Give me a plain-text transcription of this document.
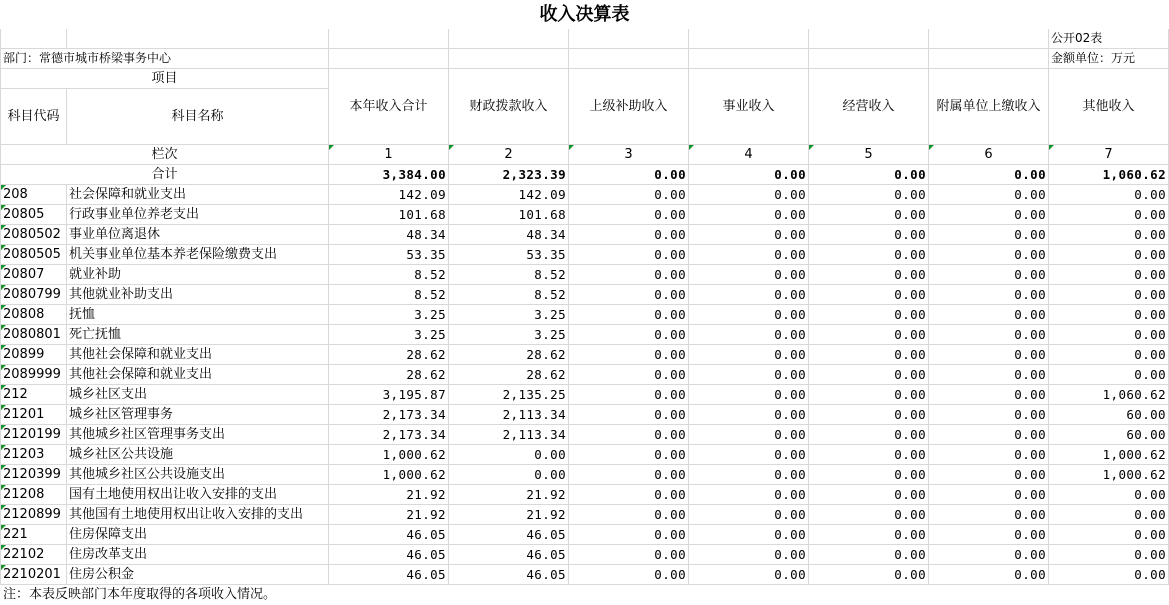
收入决算表								
								公开02表
部门：常德市城市桥梁事务中心								金额单位：万元
项目		本年收入合计	财政拨款收入	上级补助收入	事业收入	经营收入	附属单位上缴收入	其他收入
科目代码	科目名称							

栏次		1	2	3	4	5	6	7
合计		3,384.00	2,323.39	0.00	0.00	0.00	0.00	1,060.62
208	社会保障和就业支出	142.09	142.09	0.00	0.00	0.00	0.00	0.00
20805	行政事业单位养老支出	101.68	101.68	0.00	0.00	0.00	0.00	0.00
2080502	事业单位离退休	48.34	48.34	0.00	0.00	0.00	0.00	0.00
2080505	机关事业单位基本养老保险缴费支出	53.35	53.35	0.00	0.00	0.00	0.00	0.00
20807	就业补助	8.52	8.52	0.00	0.00	0.00	0.00	0.00
2080799	其他就业补助支出	8.52	8.52	0.00	0.00	0.00	0.00	0.00
20808	抚恤	3.25	3.25	0.00	0.00	0.00	0.00	0.00
2080801	死亡抚恤	3.25	3.25	0.00	0.00	0.00	0.00	0.00
20899	其他社会保障和就业支出	28.62	28.62	0.00	0.00	0.00	0.00	0.00
2089999	其他社会保障和就业支出	28.62	28.62	0.00	0.00	0.00	0.00	0.00
212	城乡社区支出	3,195.87	2,135.25	0.00	0.00	0.00	0.00	1,060.62
21201	城乡社区管理事务	2,173.34	2,113.34	0.00	0.00	0.00	0.00	60.00
2120199	其他城乡社区管理事务支出	2,173.34	2,113.34	0.00	0.00	0.00	0.00	60.00
21203	城乡社区公共设施	1,000.62	0.00	0.00	0.00	0.00	0.00	1,000.62
2120399	其他城乡社区公共设施支出	1,000.62	0.00	0.00	0.00	0.00	0.00	1,000.62
21208	国有土地使用权出让收入安排的支出	21.92	21.92	0.00	0.00	0.00	0.00	0.00
2120899	其他国有土地使用权出让收入安排的支出	21.92	21.92	0.00	0.00	0.00	0.00	0.00
221	住房保障支出	46.05	46.05	0.00	0.00	0.00	0.00	0.00
22102	住房改革支出	46.05	46.05	0.00	0.00	0.00	0.00	0.00
2210201	住房公积金	46.05	46.05	0.00	0.00	0.00	0.00	0.00
注：本表反映部门本年度取得的各项收入情况。								
